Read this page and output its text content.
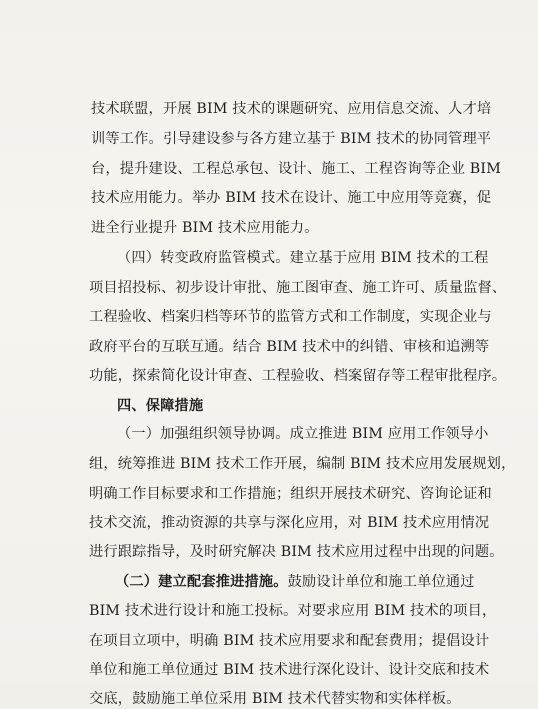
技术联盟，开展 BIM 技术的课题研究、应用信息交流、人才培
训等工作。引导建设参与各方建立基于 BIM 技术的协同管理平
台，提升建设、工程总承包、设计、施工、工程咨询等企业 BIM
技术应用能力。举办 BIM 技术在设计、施工中应用等竞赛，促
进全行业提升 BIM 技术应用能力。
（四）转变政府监管模式。建立基于应用 BIM 技术的工程
项目招投标、初步设计审批、施工图审查、施工许可、质量监督、
工程验收、档案归档等环节的监管方式和工作制度，实现企业与
政府平台的互联互通。结合 BIM 技术中的纠错、审核和追溯等
功能，探索简化设计审查、工程验收、档案留存等工程审批程序。
四、保障措施
（一）加强组织领导协调。成立推进 BIM 应用工作领导小
组，统筹推进 BIM 技术工作开展，编制 BIM 技术应用发展规划，
明确工作目标要求和工作措施；组织开展技术研究、咨询论证和
技术交流，推动资源的共享与深化应用，对 BIM 技术应用情况
进行跟踪指导，及时研究解决 BIM 技术应用过程中出现的问题。
（二）建立配套推进措施。鼓励设计单位和施工单位通过
BIM 技术进行设计和施工投标。对要求应用 BIM 技术的项目，
在项目立项中，明确 BIM 技术应用要求和配套费用；提倡设计
单位和施工单位通过 BIM 技术进行深化设计、设计交底和技术
交底，鼓励施工单位采用 BIM 技术代替实物和实体样板。
